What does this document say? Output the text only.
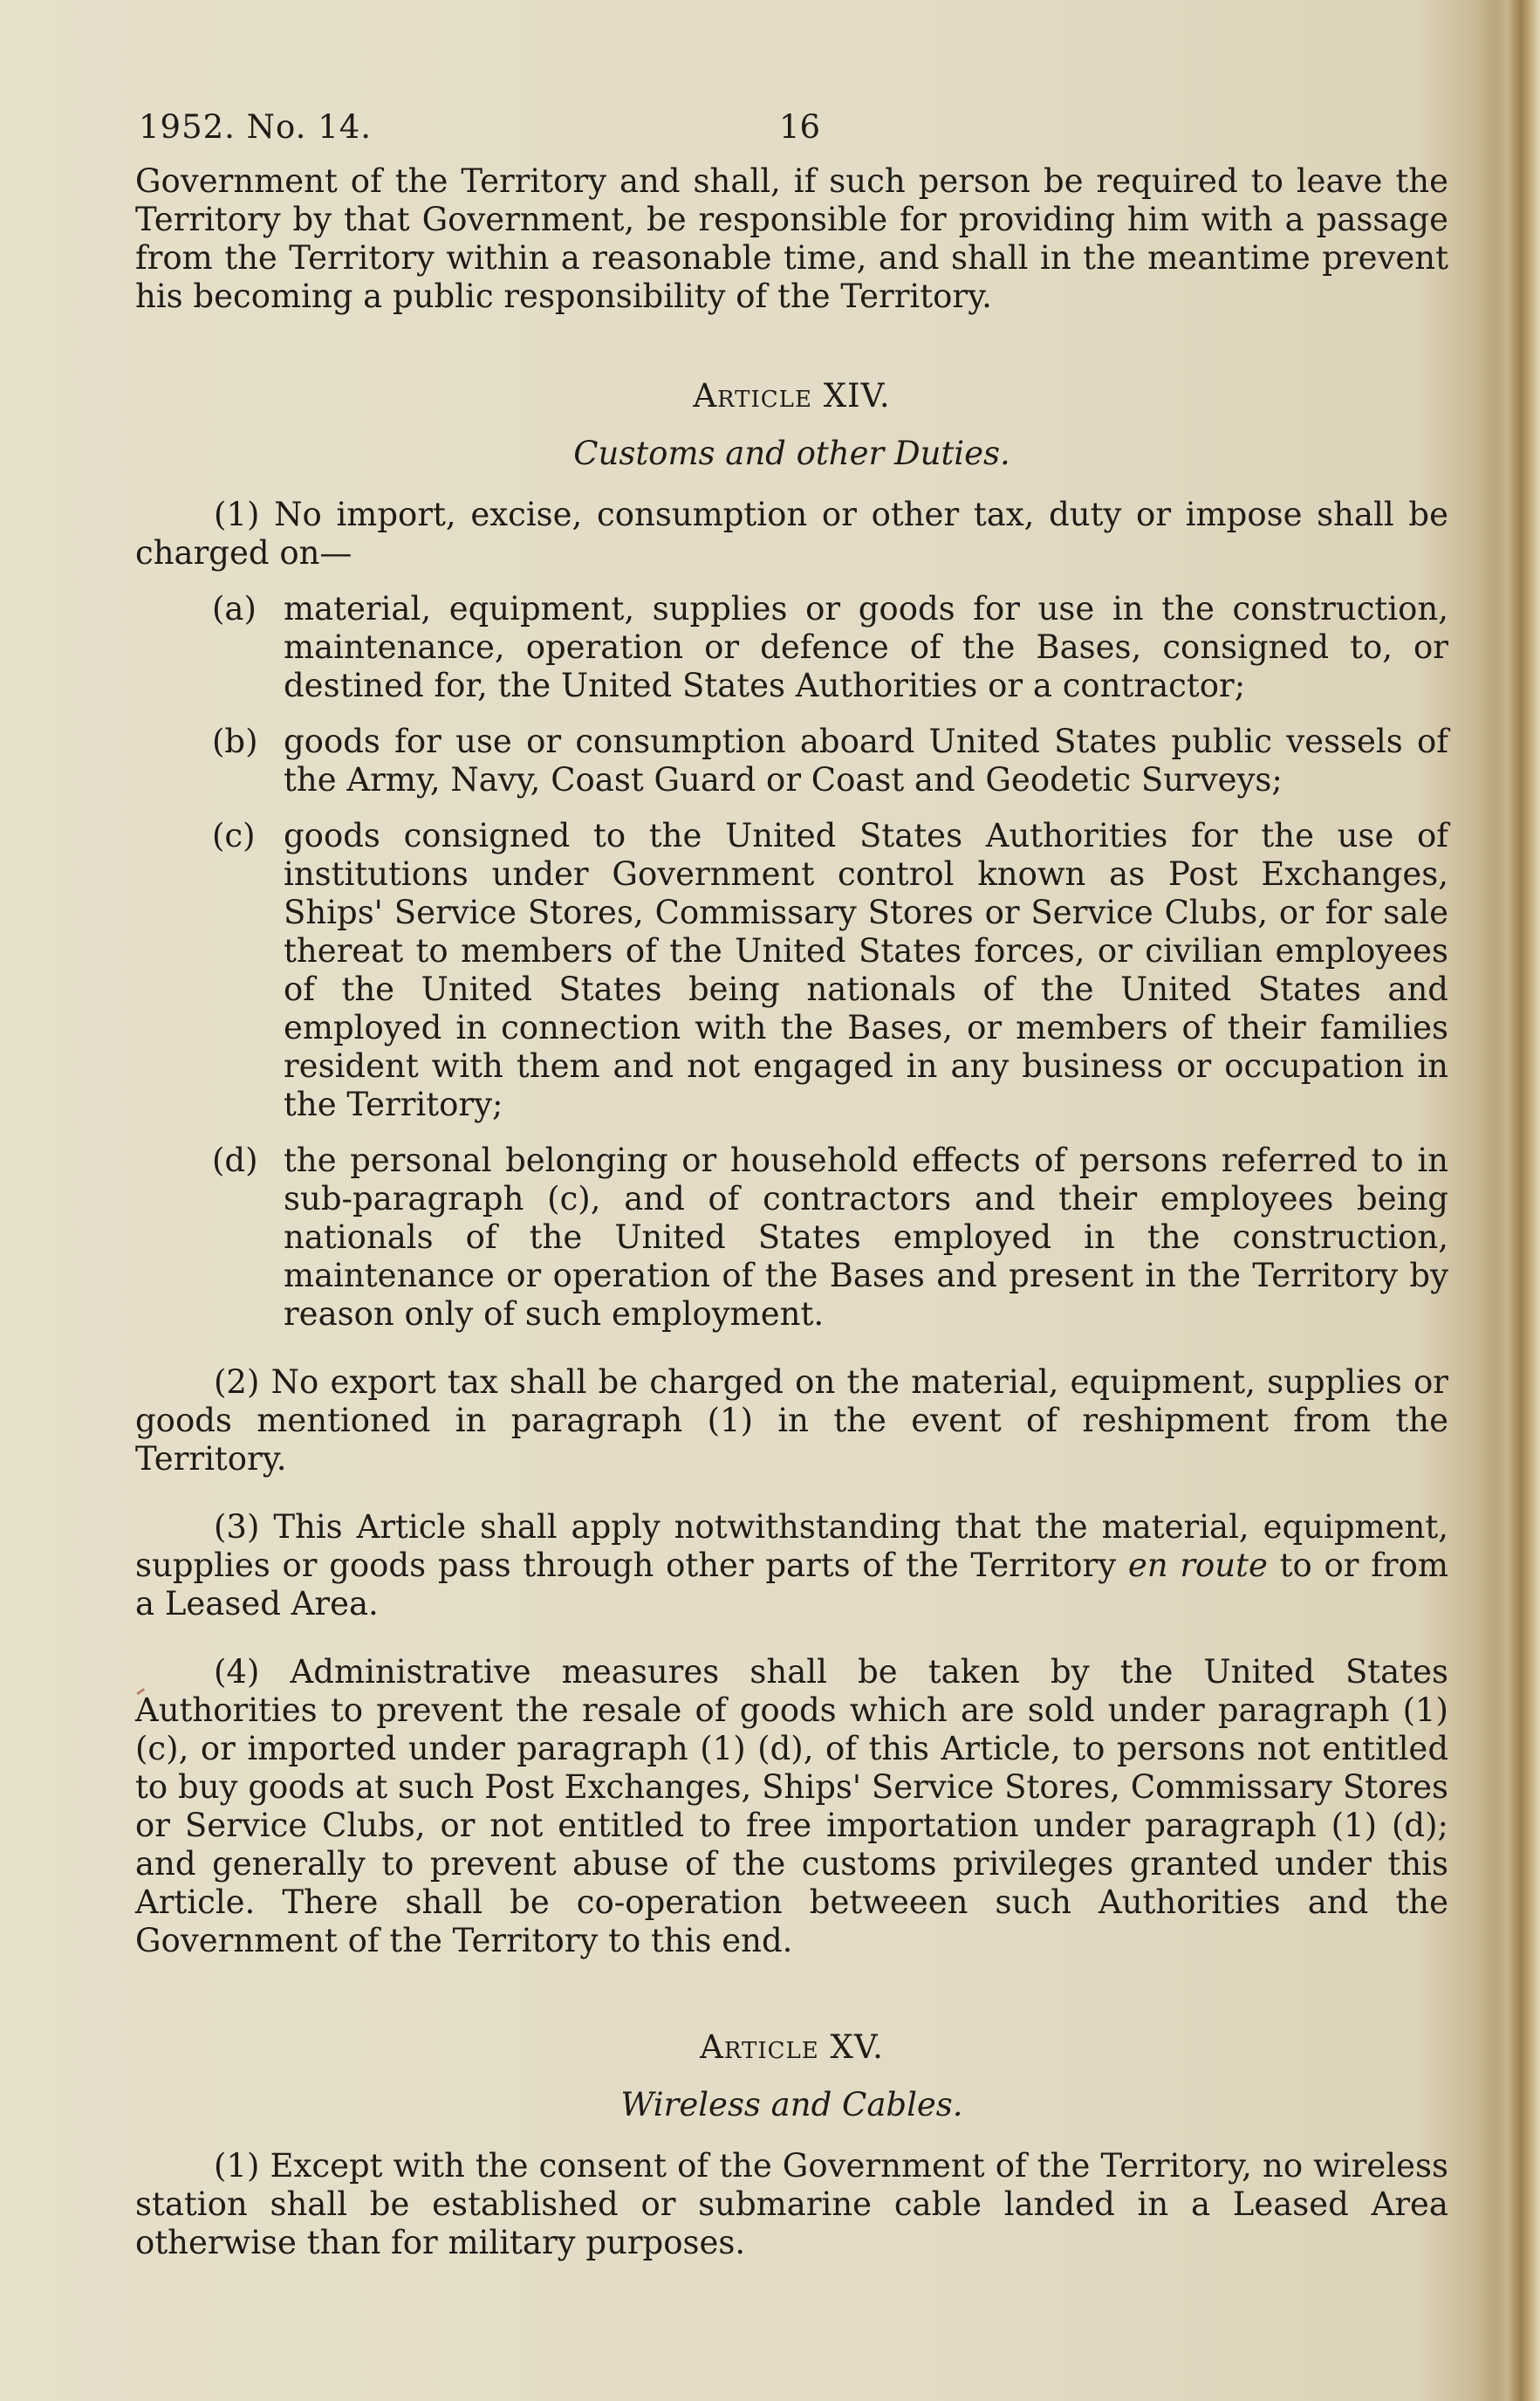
1952. No. 14.	16

Government of the Territory and shall, if such person be required to leave the Territory by that Government, be responsible for providing him with a passage from the Territory within a reasonable time, and shall in the meantime prevent his becoming a public responsibility of the Territory.

Article XIV.
Customs and other Duties.

(1) No import, excise, consumption or other tax, duty or impose shall be charged on—

(a) material, equipment, supplies or goods for use in the construction, maintenance, operation or defence of the Bases, consigned to, or destined for, the United States Authorities or a contractor;
(b) goods for use or consumption aboard United States public vessels of the Army, Navy, Coast Guard or Coast and Geodetic Surveys;
(c) goods consigned to the United States Authorities for the use of institutions under Government control known as Post Exchanges, Ships' Service Stores, Commissary Stores or Service Clubs, or for sale thereat to members of the United States forces, or civilian employees of the United States being nationals of the United States and employed in connection with the Bases, or members of their families resident with them and not engaged in any business or occupation in the Territory;
(d) the personal belonging or household effects of persons referred to in sub-paragraph (c), and of contractors and their employees being nationals of the United States employed in the construction, maintenance or operation of the Bases and present in the Territory by reason only of such employment.

(2) No export tax shall be charged on the material, equipment, supplies or goods mentioned in paragraph (1) in the event of reshipment from the Territory.

(3) This Article shall apply notwithstanding that the material, equipment, supplies or goods pass through other parts of the Territory en route to or from a Leased Area.

(4) Administrative measures shall be taken by the United States Authorities to prevent the resale of goods which are sold under paragraph (1) (c), or imported under paragraph (1) (d), of this Article, to persons not entitled to buy goods at such Post Exchanges, Ships' Service Stores, Commissary Stores or Service Clubs, or not entitled to free importation under paragraph (1) (d); and generally to prevent abuse of the customs privileges granted under this Article. There shall be co-operation betweeen such Authorities and the Government of the Territory to this end.

Article XV.
Wireless and Cables.

(1) Except with the consent of the Government of the Territory, no wireless station shall be established or submarine cable landed in a Leased Area otherwise than for military purposes.
